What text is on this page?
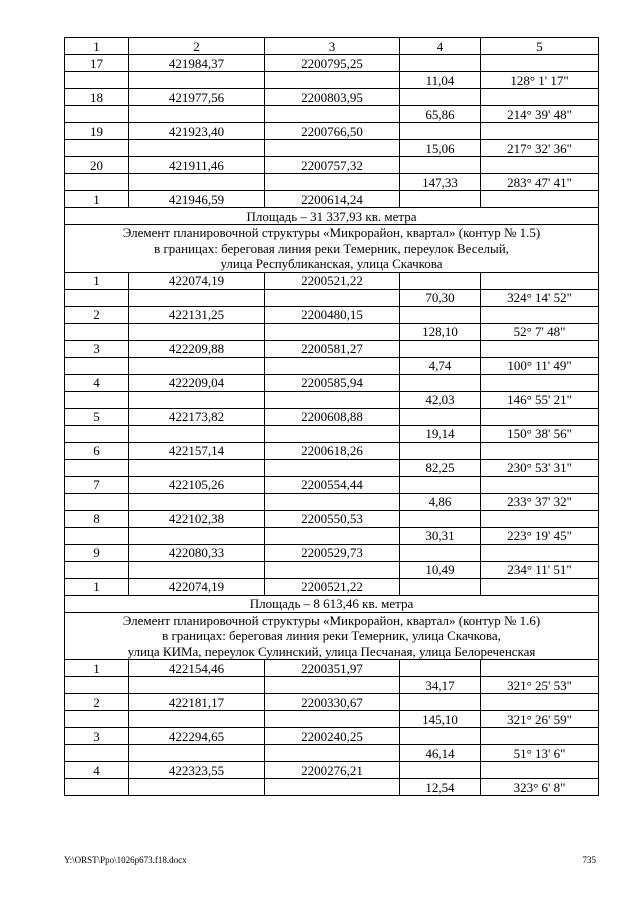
1	2	3	4	5
17	421984,37	2200795,25		
			11,04	128° 1' 17"
18	421977,56	2200803,95		
			65,86	214° 39' 48"
19	421923,40	2200766,50		
			15,06	217° 32' 36"
20	421911,46	2200757,32		
			147,33	283° 47' 41"
1	421946,59	2200614,24		
Площадь – 31 337,93 кв. метра				

Элемент планировочной структуры «Микрорайон, квартал» (контур № 1.5)
в границах: береговая линия реки Темерник, переулок Веселый,
улица Республиканская, улица Скачкова				

1	422074,19	2200521,22		
			70,30	324° 14' 52"
2	422131,25	2200480,15		
			128,10	52° 7' 48"
3	422209,88	2200581,27		
			4,74	100° 11' 49"
4	422209,04	2200585,94		
			42,03	146° 55' 21"
5	422173,82	2200608,88		
			19,14	150° 38' 56"
6	422157,14	2200618,26		
			82,25	230° 53' 31"
7	422105,26	2200554,44		
			4,86	233° 37' 32"
8	422102,38	2200550,53		
			30,31	223° 19' 45"
9	422080,33	2200529,73		
			10,49	234° 11' 51"
1	422074,19	2200521,22		
Площадь – 8 613,46 кв. метра				

Элемент планировочной структуры «Микрорайон, квартал» (контур № 1.6)
в границах: береговая линия реки Темерник, улица Скачкова,
улица КИМа, переулок Сулинский, улица Песчаная, улица Белореченская				

1	422154,46	2200351,97		
			34,17	321° 25' 53"
2	422181,17	2200330,67		
			145,10	321° 26' 59"
3	422294,65	2200240,25		
			46,14	51° 13' 6"
4	422323,55	2200276,21		
			12,54	323° 6' 8"
Y:\ORST\Ppo\1026p673.f18.docx	735
